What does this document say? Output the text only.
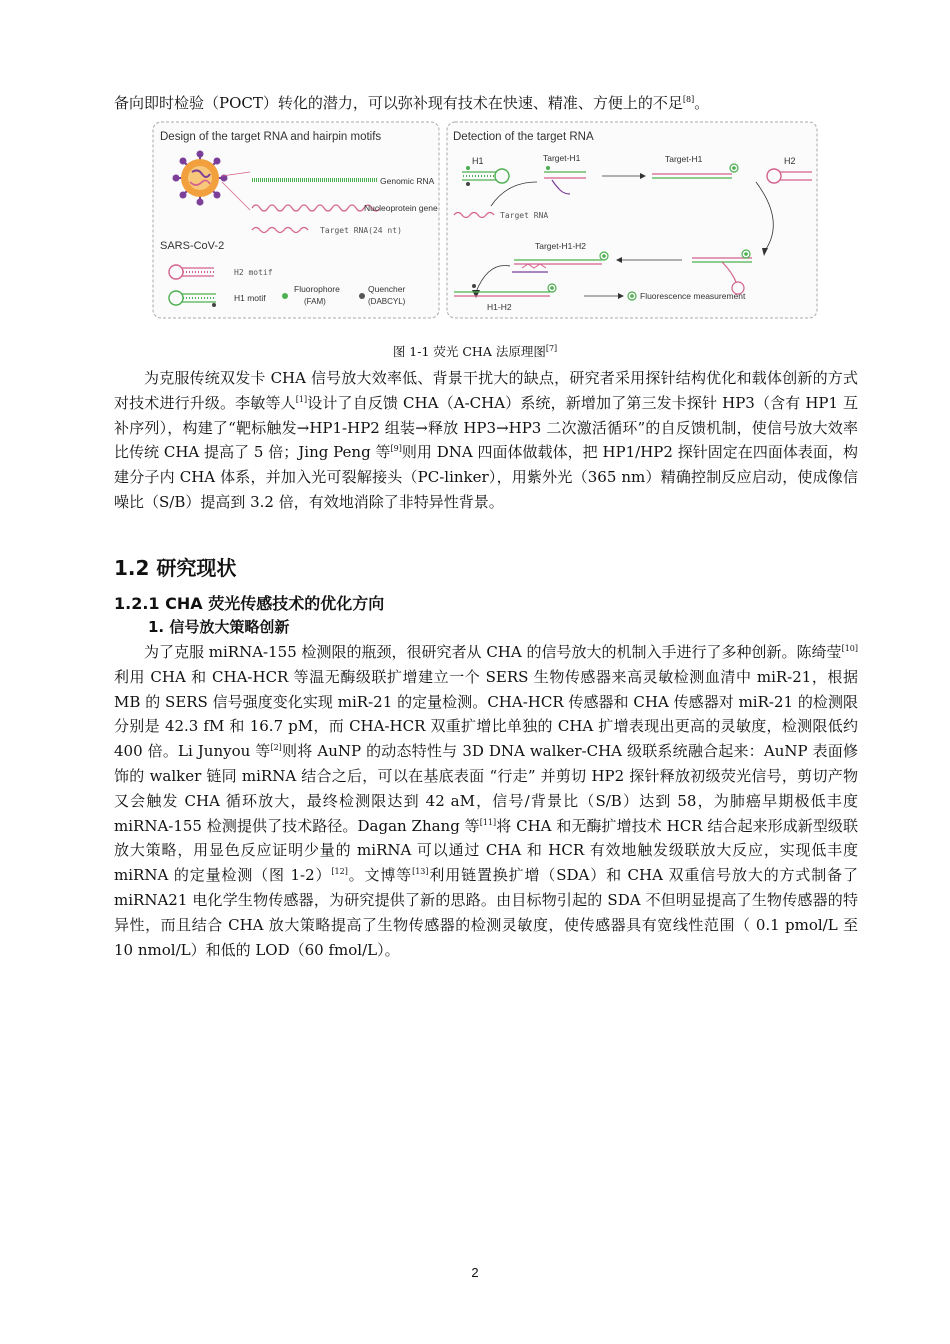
备向即时检验（POCT）转化的潜力，可以弥补现有技术在快速、精准、方便上的不足[8]。

Design of the target RNA and hairpin motifs	Detection of the target RNA
Genomic RNA
Nucleoprotein gene
Target RNA(24 nt)
SARS-CoV-2
H2 motif
H1 motif
Fluorophore
(FAM)
Quencher
(DABCYL)
H1	Target-H1	Target-H1	H2
Target RNA
Target-H1-H2
H1-H2
Fluorescence measurement

图 1-1 荧光 CHA 法原理图[7]

为克服传统双发卡 CHA 信号放大效率低、背景干扰大的缺点，研究者采用探针结构优化和载体创新的方式对技术进行升级。李敏等人[1]设计了自反馈 CHA（A-CHA）系统，新增加了第三发卡探针 HP3（含有 HP1 互补序列），构建了“靶标触发→HP1-HP2 组装→释放 HP3→HP3 二次激活循环”的自反馈机制，使信号放大效率比传统 CHA 提高了 5 倍；Jing Peng 等[9]则用 DNA 四面体做载体，把 HP1/HP2 探针固定在四面体表面，构建分子内 CHA 体系，并加入光可裂解接头（PC-linker），用紫外光（365 nm）精确控制反应启动，使成像信噪比（S/B）提高到 3.2 倍，有效地消除了非特异性背景。

1.2 研究现状
1.2.1 CHA 荧光传感技术的优化方向
1. 信号放大策略创新

为了克服 miRNA-155 检测限的瓶颈，很研究者从 CHA 的信号放大的机制入手进行了多种创新。陈绮莹[10]利用 CHA 和 CHA-HCR 等温无酶级联扩增建立一个 SERS 生物传感器来高灵敏检测血清中 miR-21，根据 MB 的 SERS 信号强度变化实现 miR-21 的定量检测。CHA-HCR 传感器和 CHA 传感器对 miR-21 的检测限分别是 42.3 fM 和 16.7 pM，而 CHA-HCR 双重扩增比单独的 CHA 扩增表现出更高的灵敏度，检测限低约 400 倍。Li Junyou 等[2]则将 AuNP 的动态特性与 3D DNA walker-CHA 级联系统融合起来：AuNP 表面修饰的 walker 链同 miRNA 结合之后，可以在基底表面 “行走” 并剪切 HP2 探针释放初级荧光信号，剪切产物又会触发 CHA 循环放大，最终检测限达到 42 aM，信号/背景比（S/B）达到 58，为肺癌早期极低丰度 miRNA-155 检测提供了技术路径。Dagan Zhang 等[11]将 CHA 和无酶扩增技术 HCR 结合起来形成新型级联放大策略，用显色反应证明少量的 miRNA 可以通过 CHA 和 HCR 有效地触发级联放大反应，实现低丰度 miRNA 的定量检测（图 1-2）[12]。文博等[13]利用链置换扩增（SDA）和 CHA 双重信号放大的方式制备了 miRNA21 电化学生物传感器，为研究提供了新的思路。由目标物引起的 SDA 不但明显提高了生物传感器的特异性，而且结合 CHA 放大策略提高了生物传感器的检测灵敏度，使传感器具有宽线性范围（ 0.1 pmol/L 至 10 nmol/L）和低的 LOD（60 fmol/L）。

2
